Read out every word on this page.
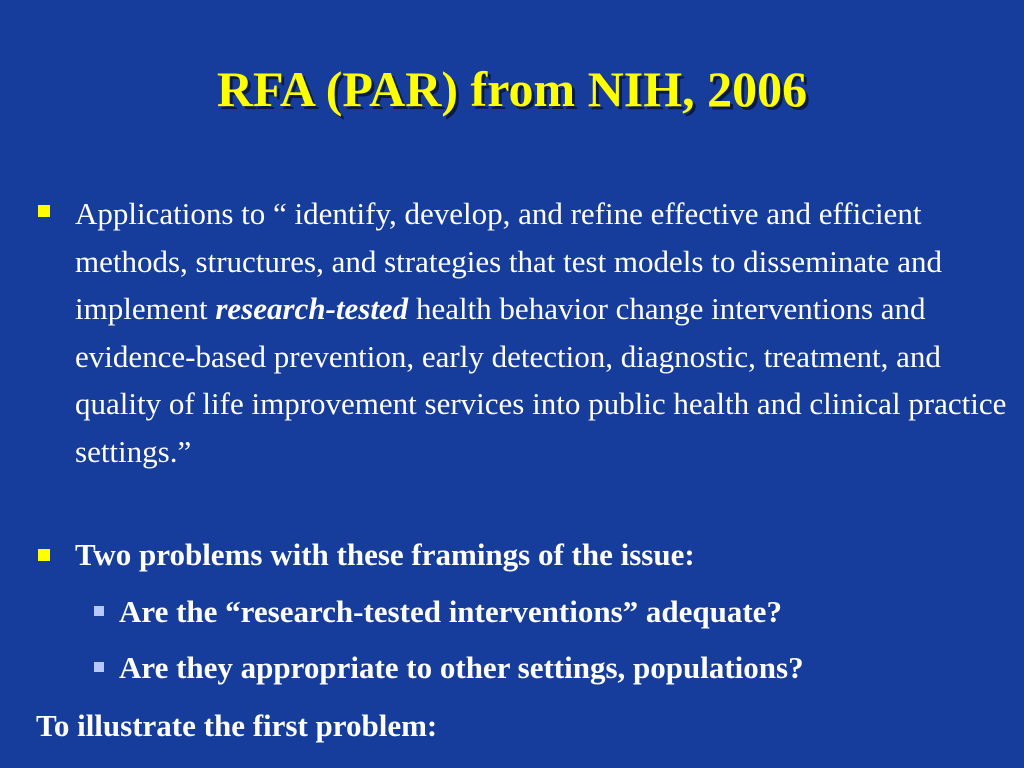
RFA (PAR) from NIH, 2006

Applications to “ identify, develop, and refine effective and efficient methods, structures, and strategies that test models to disseminate and implement research-tested health behavior change interventions and evidence-based prevention, early detection, diagnostic, treatment, and quality of life improvement services into public health and clinical practice settings.”

Two problems with these framings of the issue:

Are the “research-tested interventions” adequate?

Are they appropriate to other settings, populations?

To illustrate the first problem:
